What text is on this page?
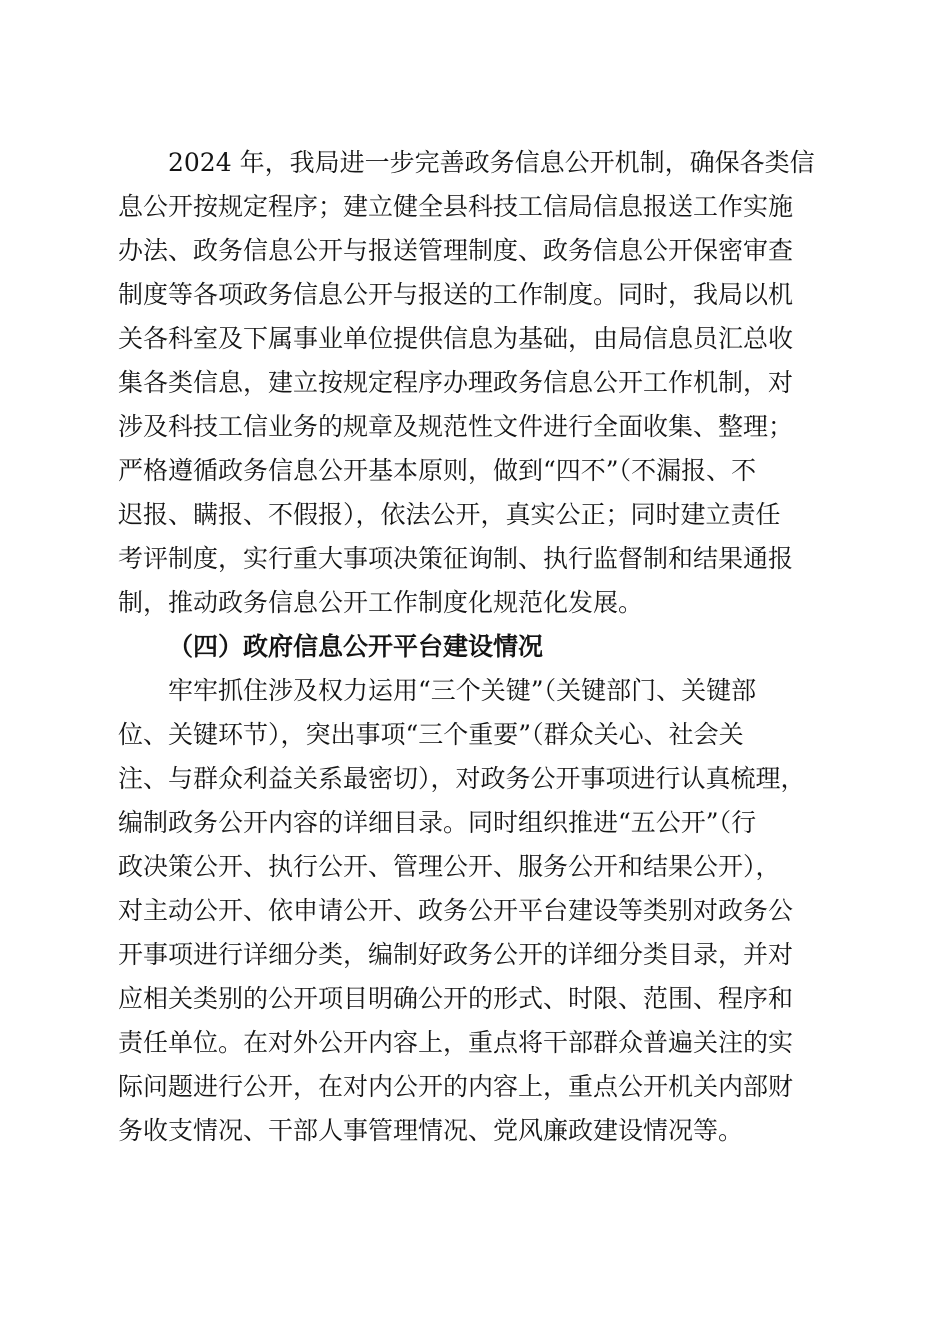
2024 年，我局进一步完善政务信息公开机制，确保各类信
息公开按规定程序；建立健全县科技工信局信息报送工作实施
办法、政务信息公开与报送管理制度、政务信息公开保密审查
制度等各项政务信息公开与报送的工作制度。同时，我局以机
关各科室及下属事业单位提供信息为基础，由局信息员汇总收
集各类信息，建立按规定程序办理政务信息公开工作机制，对
涉及科技工信业务的规章及规范性文件进行全面收集、整理；
严格遵循政务信息公开基本原则，做到“四不”（不漏报、不
迟报、瞒报、不假报），依法公开，真实公正；同时建立责任
考评制度，实行重大事项决策征询制、执行监督制和结果通报
制，推动政务信息公开工作制度化规范化发展。
（四）政府信息公开平台建设情况
牢牢抓住涉及权力运用“三个关键”（关键部门、关键部
位、关键环节），突出事项“三个重要”（群众关心、社会关
注、与群众利益关系最密切），对政务公开事项进行认真梳理，
编制政务公开内容的详细目录。同时组织推进“五公开”（行
政决策公开、执行公开、管理公开、服务公开和结果公开），
对主动公开、依申请公开、政务公开平台建设等类别对政务公
开事项进行详细分类，编制好政务公开的详细分类目录，并对
应相关类别的公开项目明确公开的形式、时限、范围、程序和
责任单位。在对外公开内容上，重点将干部群众普遍关注的实
际问题进行公开，在对内公开的内容上，重点公开机关内部财
务收支情况、干部人事管理情况、党风廉政建设情况等。
